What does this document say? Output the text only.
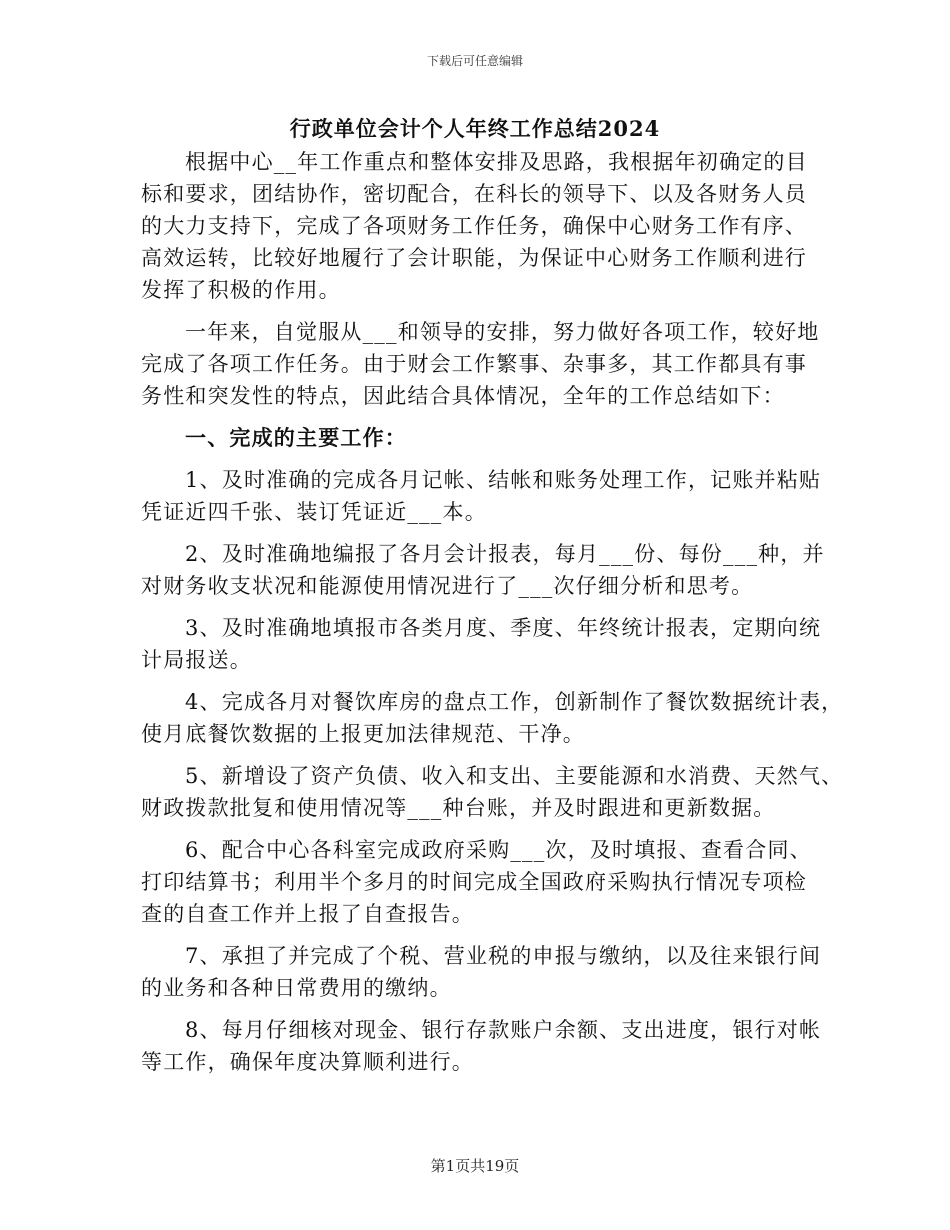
下载后可任意编辑
行政单位会计个人年终工作总结2024
根据中心__年工作重点和整体安排及思路，我根据年初确定的目
标和要求，团结协作，密切配合，在科长的领导下、以及各财务人员
的大力支持下，完成了各项财务工作任务，确保中心财务工作有序、
高效运转，比较好地履行了会计职能，为保证中心财务工作顺利进行
发挥了积极的作用。
一年来，自觉服从___和领导的安排，努力做好各项工作，较好地
完成了各项工作任务。由于财会工作繁事、杂事多，其工作都具有事
务性和突发性的特点，因此结合具体情况，全年的工作总结如下：
一、完成的主要工作：
1、及时准确的完成各月记帐、结帐和账务处理工作，记账并粘贴
凭证近四千张、装订凭证近___本。
2、及时准确地编报了各月会计报表，每月___份、每份___种，并
对财务收支状况和能源使用情况进行了___次仔细分析和思考。
3、及时准确地填报市各类月度、季度、年终统计报表，定期向统
计局报送。
4、完成各月对餐饮库房的盘点工作，创新制作了餐饮数据统计表，
使月底餐饮数据的上报更加法律规范、干净。
5、新增设了资产负债、收入和支出、主要能源和水消费、天然气、
财政拨款批复和使用情况等___种台账，并及时跟进和更新数据。
6、配合中心各科室完成政府采购___次，及时填报、查看合同、
打印结算书；利用半个多月的时间完成全国政府采购执行情况专项检
查的自查工作并上报了自查报告。
7、承担了并完成了个税、营业税的申报与缴纳，以及往来银行间
的业务和各种日常费用的缴纳。
8、每月仔细核对现金、银行存款账户余额、支出进度，银行对帐
等工作，确保年度决算顺利进行。
第1页共19页
